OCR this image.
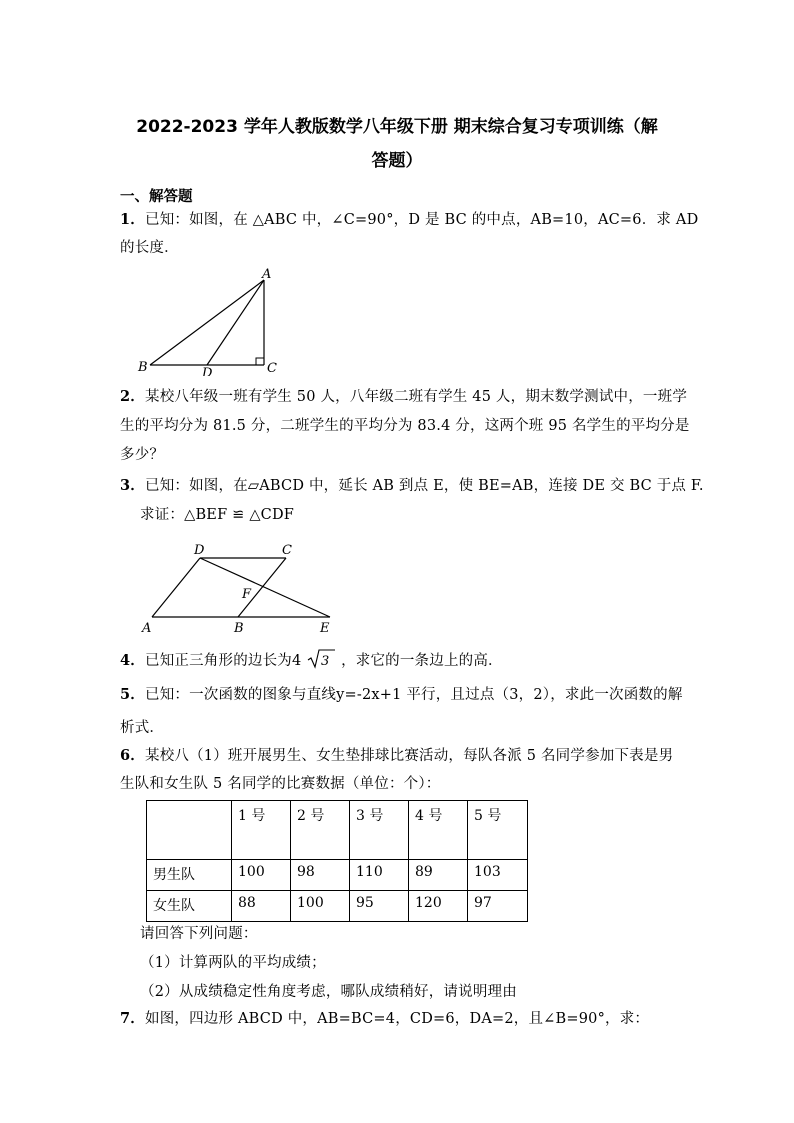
2022-2023 学年人教版数学八年级下册 期末综合复习专项训练（解
答题）
一、解答题
1．已知：如图，在 △ABC 中，∠C=90°，D 是 BC 的中点，AB=10，AC=6．求 AD
的长度．
A
B	C
D
2．某校八年级一班有学生 50 人，八年级二班有学生 45 人，期末数学测试中，一班学
生的平均分为 81.5 分，二班学生的平均分为 83.4 分，这两个班 95 名学生的平均分是
多少？
3．已知：如图，在▱ABCD 中，延长 AB 到点 E，使 BE=AB，连接 DE 交 BC 于点 F.
求证：△BEF ≌ △CDF
D	C
A	B	E
F
4．已知正三角形的边长为4 3 ，求它的一条边上的高．
5．已知：一次函数的图象与直线y=-2x+1 平行，且过点（3，2），求此一次函数的解
析式．
6．某校八（1）班开展男生、女生垫排球比赛活动，每队各派 5 名同学参加下表是男
生队和女生队 5 名同学的比赛数据（单位：个）：
	1 号	2 号	3 号	4 号	5 号
男生队	100	98	110	89	103
女生队	88	100	95	120	97
请回答下列问题：
（1）计算两队的平均成绩；
（2）从成绩稳定性角度考虑，哪队成绩稍好，请说明理由
7．如图，四边形 ABCD 中，AB=BC=4，CD=6，DA=2，且∠B=90°，求：
